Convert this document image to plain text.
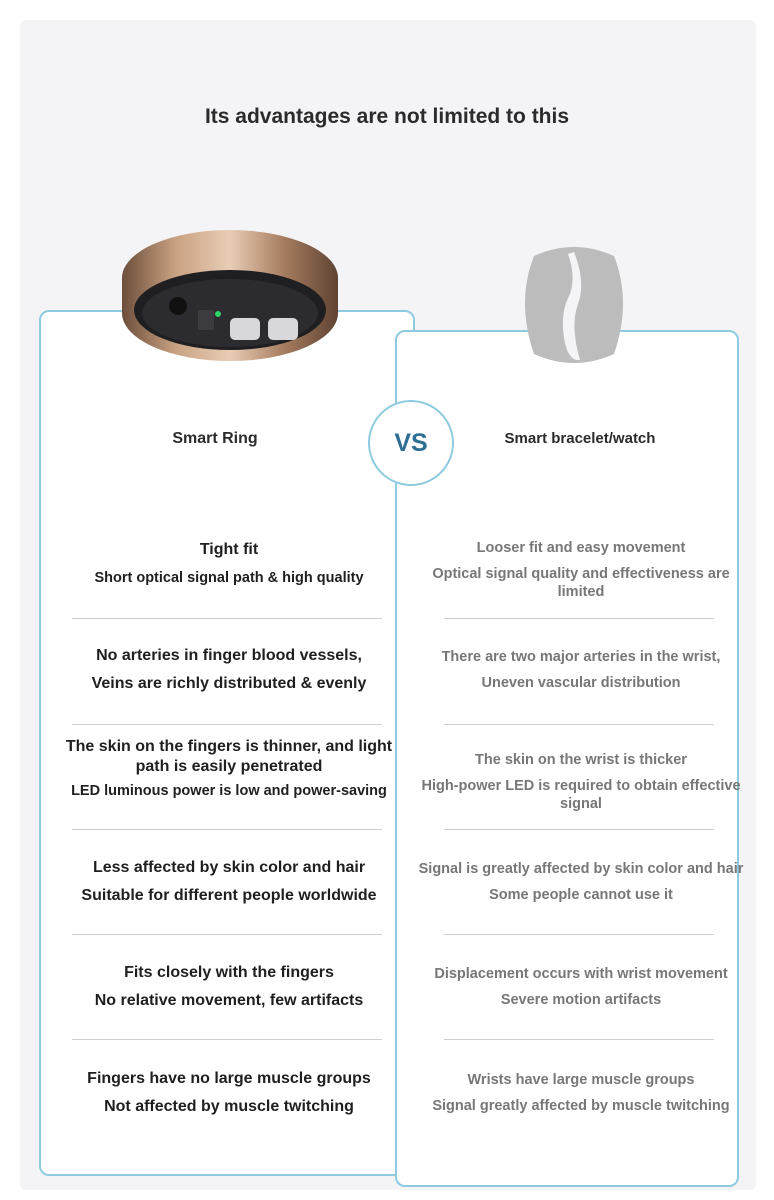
Its advantages are not limited to this
VS
Smart Ring	Smart bracelet/watch
Tight fit
Short optical signal path & high quality
Looser fit and easy movement
Optical signal quality and effectiveness are limited
No arteries in finger blood vessels,
Veins are richly distributed & evenly
There are two major arteries in the wrist,
Uneven vascular distribution
The skin on the fingers is thinner, and light path is easily penetrated
LED luminous power is low and power-saving
The skin on the wrist is thicker
High-power LED is required to obtain effective signal
Less affected by skin color and hair
Suitable for different people worldwide
Signal is greatly affected by skin color and hair
Some people cannot use it
Fits closely with the fingers
No relative movement, few artifacts
Displacement occurs with wrist movement
Severe motion artifacts
Fingers have no large muscle groups
Not affected by muscle twitching
Wrists have large muscle groups
Signal greatly affected by muscle twitching
